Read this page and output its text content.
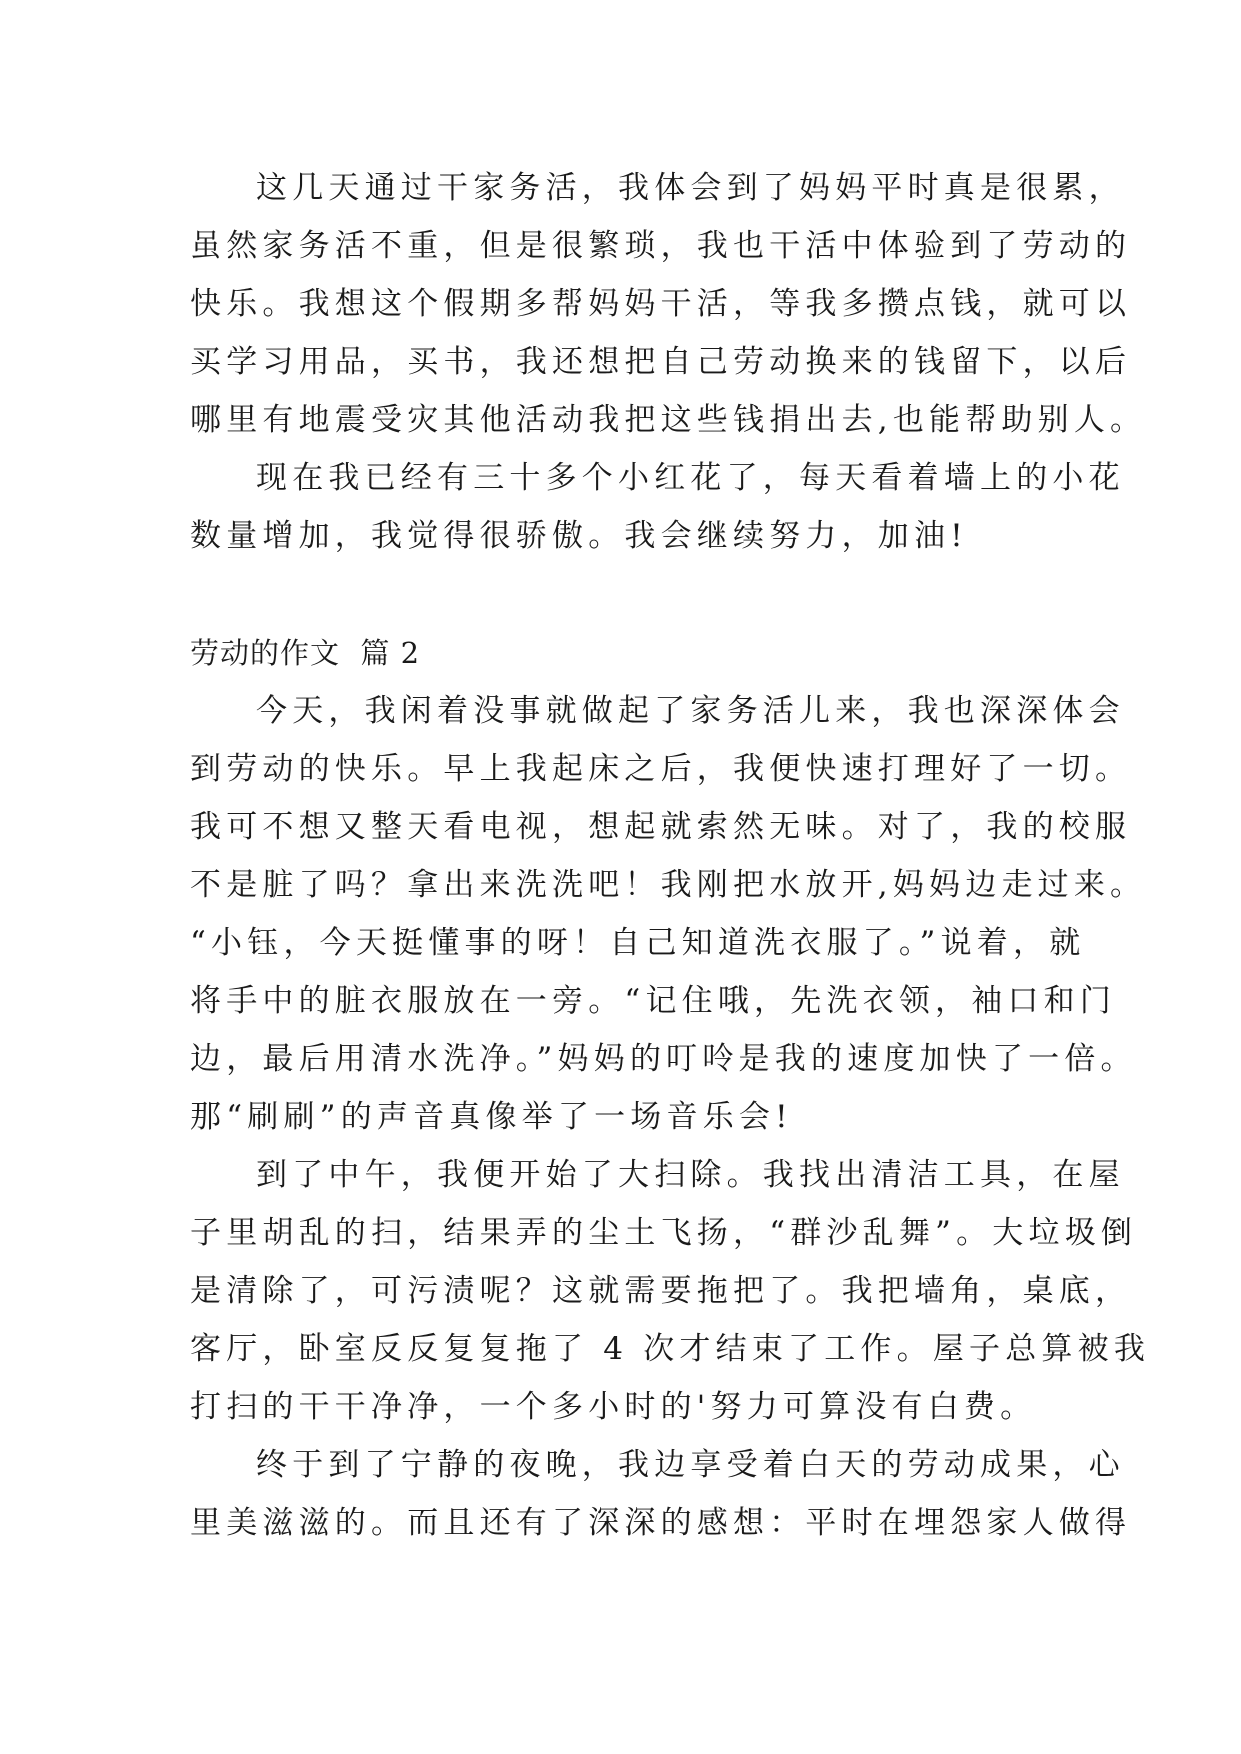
这几天通过干家务活，我体会到了妈妈平时真是很累，
虽然家务活不重，但是很繁琐，我也干活中体验到了劳动的
快乐。我想这个假期多帮妈妈干活，等我多攒点钱，就可以
买学习用品，买书，我还想把自己劳动换来的钱留下，以后
哪里有地震受灾其他活动我把这些钱捐出去,也能帮助别人。
现在我已经有三十多个小红花了，每天看着墙上的小花
数量增加，我觉得很骄傲。我会继续努力，加油!
劳动的作文  篇 2
今天，我闲着没事就做起了家务活儿来，我也深深体会
到劳动的快乐。早上我起床之后，我便快速打理好了一切。
我可不想又整天看电视，想起就索然无味。对了，我的校服
不是脏了吗？拿出来洗洗吧！我刚把水放开,妈妈边走过来。
“小钰，今天挺懂事的呀！自己知道洗衣服了。”说着，就
将手中的脏衣服放在一旁。“记住哦，先洗衣领，袖口和门
边，最后用清水洗净。”妈妈的叮呤是我的速度加快了一倍。
那“刷刷”的声音真像举了一场音乐会!
到了中午，我便开始了大扫除。我找出清洁工具，在屋
子里胡乱的扫，结果弄的尘土飞扬，“群沙乱舞”。大垃圾倒
是清除了，可污渍呢？这就需要拖把了。我把墙角，桌底，
客厅，卧室反反复复拖了 4 次才结束了工作。屋子总算被我
打扫的干干净净，一个多小时的'努力可算没有白费。
终于到了宁静的夜晚，我边享受着白天的劳动成果，心
里美滋滋的。而且还有了深深的感想：平时在埋怨家人做得
